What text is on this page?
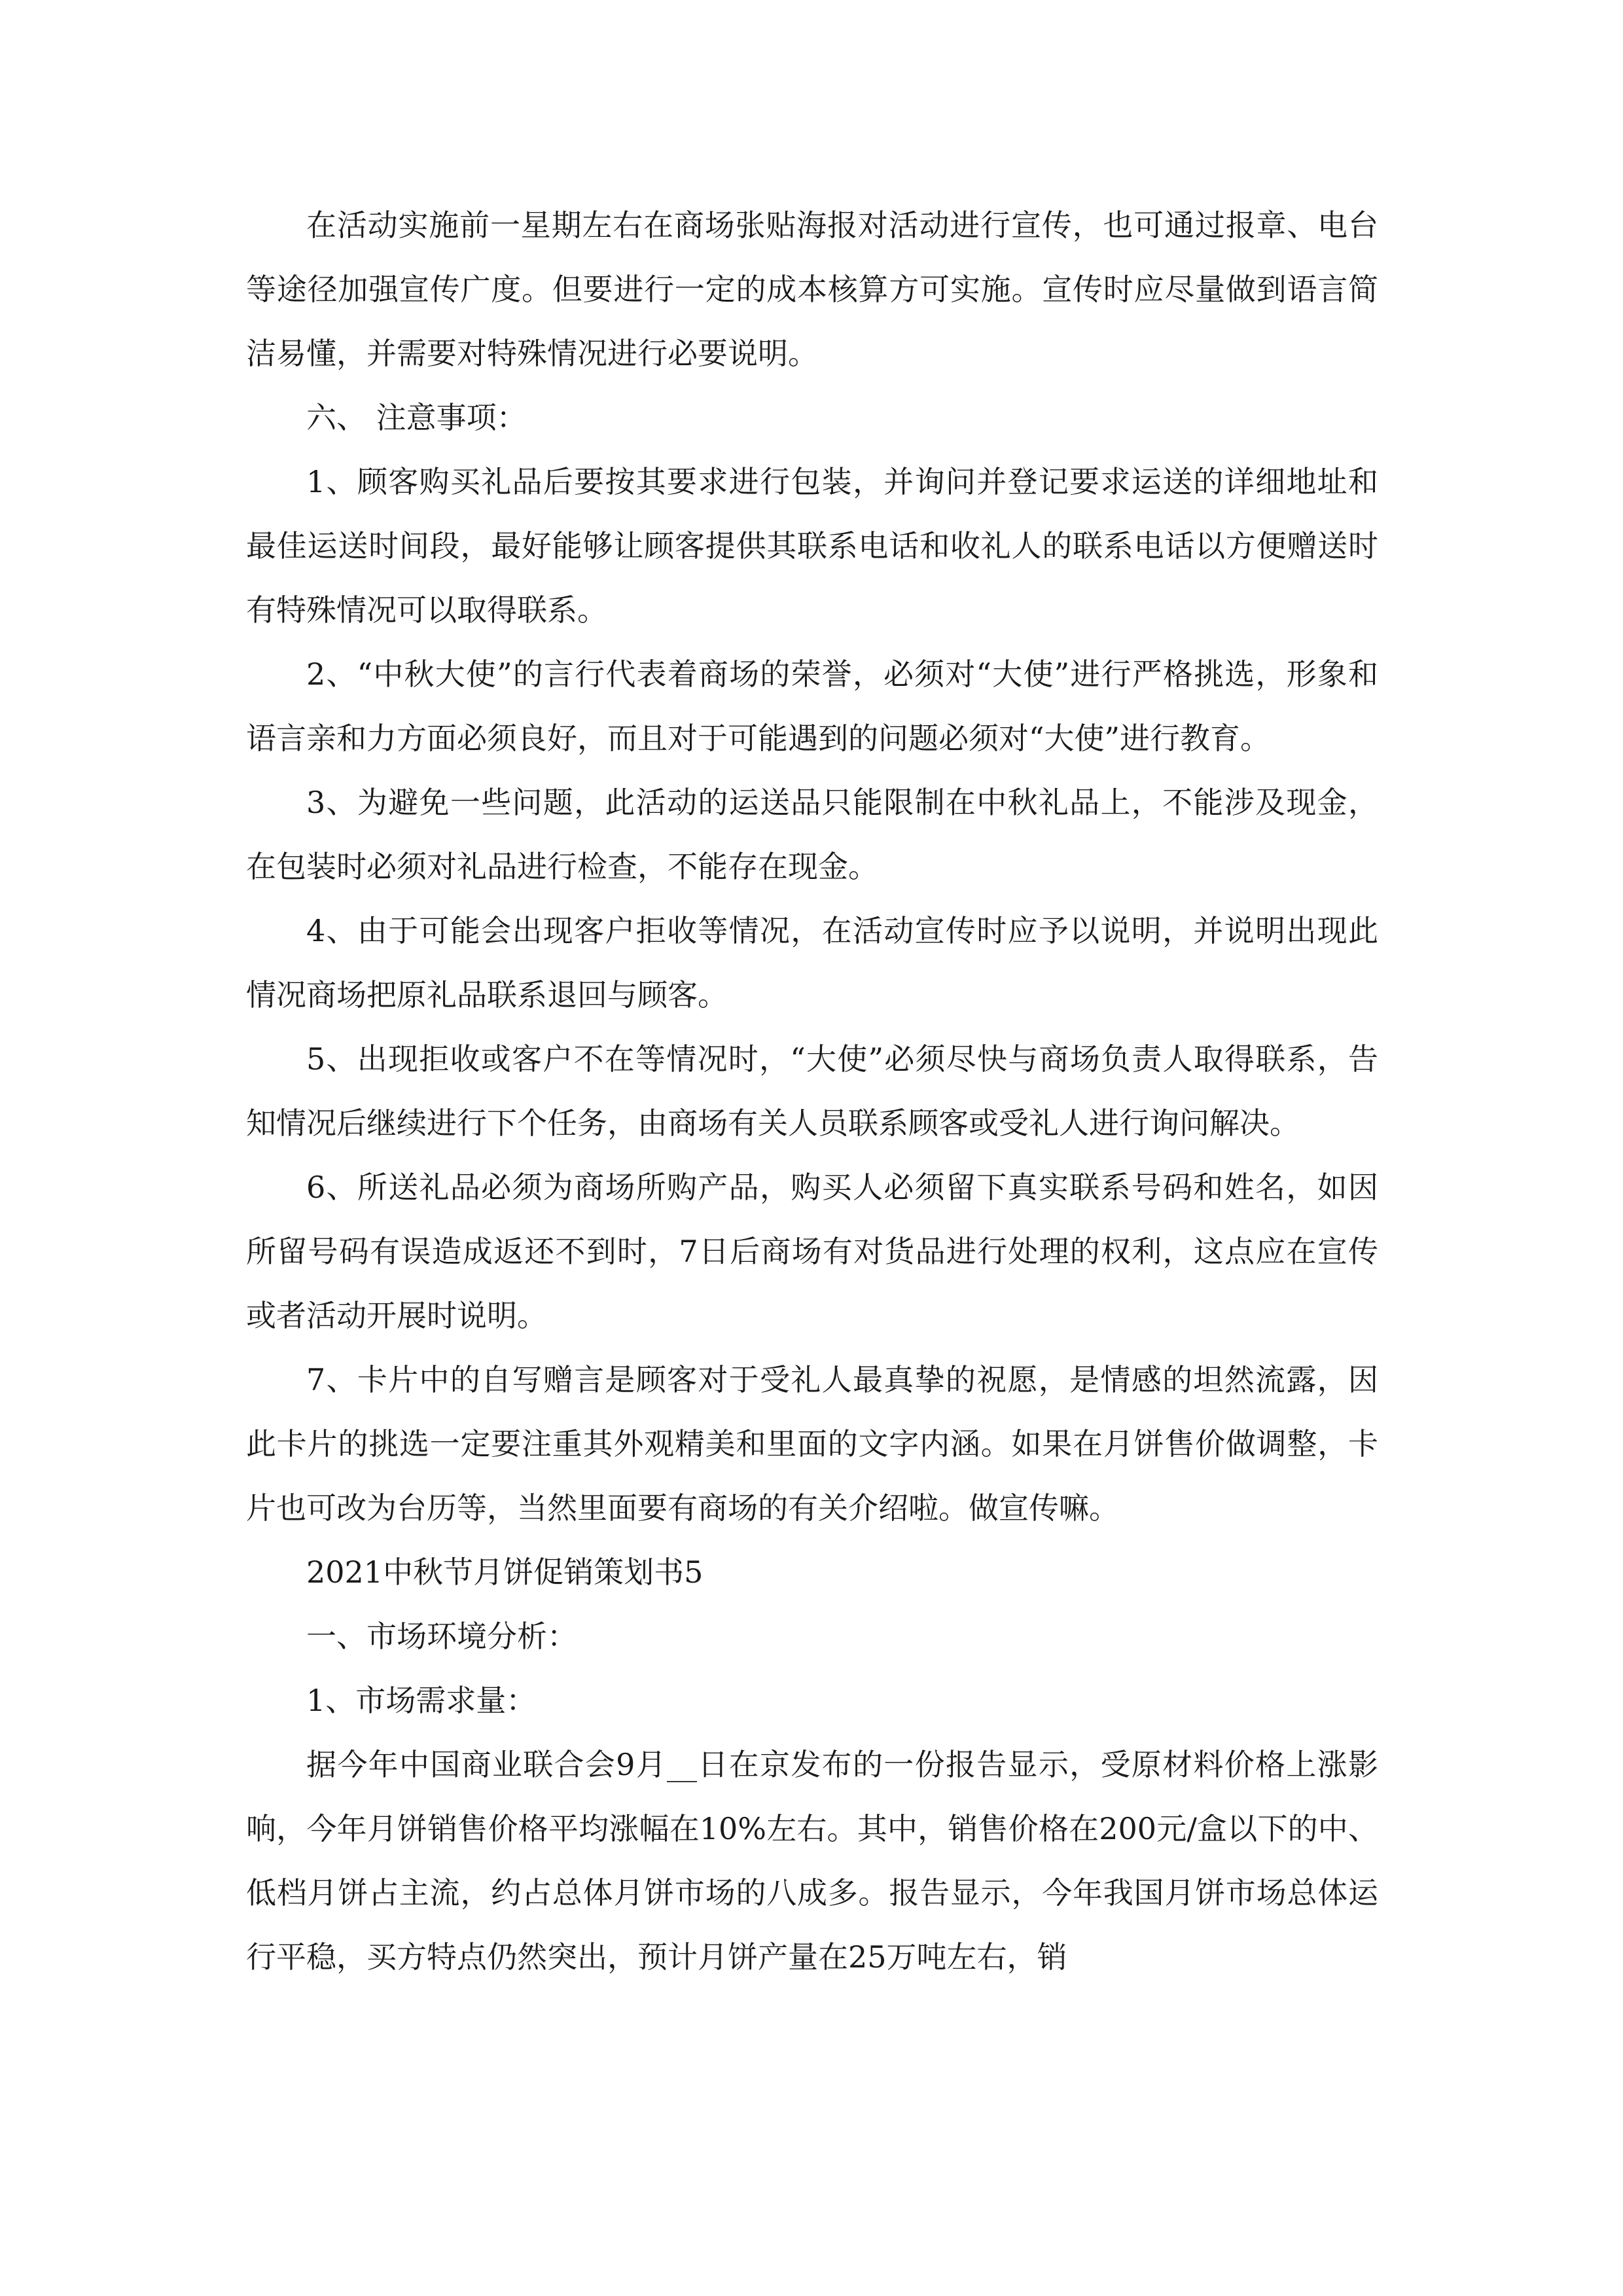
在活动实施前一星期左右在商场张贴海报对活动进行宣传，也可通过报章、电台等途径加强宣传广度。但要进行一定的成本核算方可实施。宣传时应尽量做到语言简洁易懂，并需要对特殊情况进行必要说明。

六、 注意事项：

1、顾客购买礼品后要按其要求进行包装，并询问并登记要求运送的详细地址和最佳运送时间段，最好能够让顾客提供其联系电话和收礼人的联系电话以方便赠送时有特殊情况可以取得联系。

2、“中秋大使”的言行代表着商场的荣誉，必须对“大使”进行严格挑选，形象和语言亲和力方面必须良好，而且对于可能遇到的问题必须对“大使”进行教育。

3、为避免一些问题，此活动的运送品只能限制在中秋礼品上，不能涉及现金，在包装时必须对礼品进行检查，不能存在现金。

4、由于可能会出现客户拒收等情况，在活动宣传时应予以说明，并说明出现此情况商场把原礼品联系退回与顾客。

5、出现拒收或客户不在等情况时，“大使”必须尽快与商场负责人取得联系，告知情况后继续进行下个任务，由商场有关人员联系顾客或受礼人进行询问解决。

6、所送礼品必须为商场所购产品，购买人必须留下真实联系号码和姓名，如因所留号码有误造成返还不到时，7日后商场有对货品进行处理的权利，这点应在宣传或者活动开展时说明。

7、卡片中的自写赠言是顾客对于受礼人最真挚的祝愿，是情感的坦然流露，因此卡片的挑选一定要注重其外观精美和里面的文字内涵。如果在月饼售价做调整，卡片也可改为台历等，当然里面要有商场的有关介绍啦。做宣传嘛。

2021中秋节月饼促销策划书5

一、市场环境分析：

1、市场需求量：

据今年中国商业联合会9月__日在京发布的一份报告显示，受原材料价格上涨影响，今年月饼销售价格平均涨幅在10%左右。其中，销售价格在200元/盒以下的中、低档月饼占主流，约占总体月饼市场的八成多。报告显示，今年我国月饼市场总体运行平稳，买方特点仍然突出，预计月饼产量在25万吨左右，销
